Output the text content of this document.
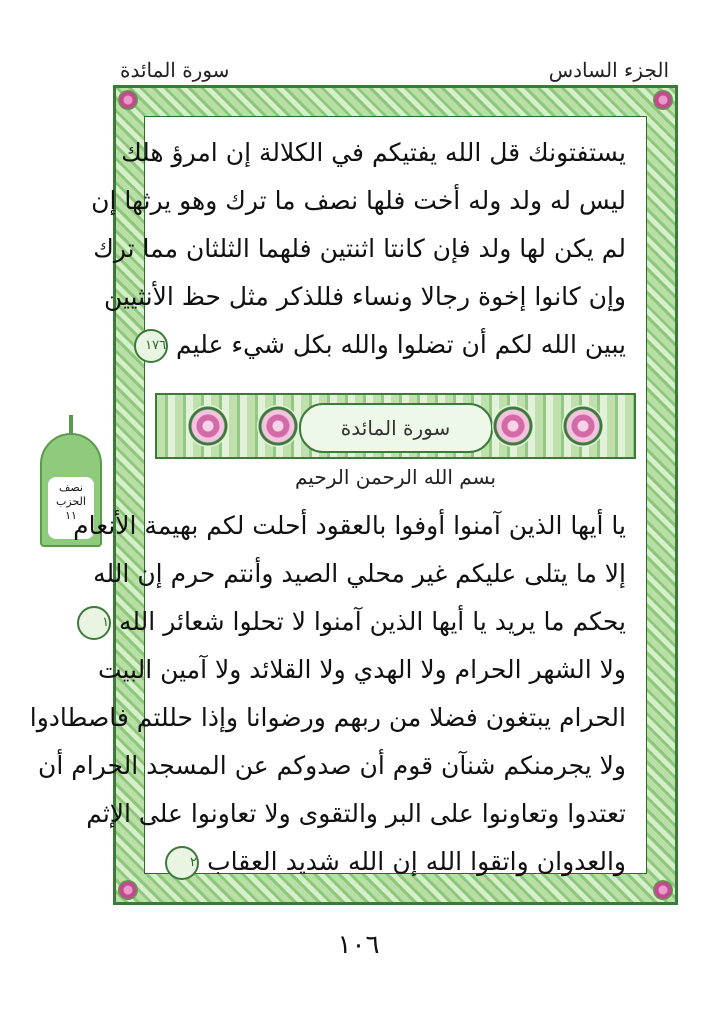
الجزء السادس
سورة المائدة
نصف
الحزب
١١
يستفتونك قل الله يفتيكم في الكلالة إن امرؤ هلك
ليس له ولد وله أخت فلها نصف ما ترك وهو يرثها إن
لم يكن لها ولد فإن كانتا اثنتين فلهما الثلثان مما ترك
وإن كانوا إخوة رجالا ونساء فللذكر مثل حظ الأنثيين
يبين الله لكم أن تضلوا والله بكل شيء عليم ١٧٦
سورة المائدة
بسم الله الرحمن الرحيم
يا أيها الذين آمنوا أوفوا بالعقود أحلت لكم بهيمة الأنعام
إلا ما يتلى عليكم غير محلي الصيد وأنتم حرم إن الله
يحكم ما يريد يا أيها الذين آمنوا لا تحلوا شعائر الله ١
ولا الشهر الحرام ولا الهدي ولا القلائد ولا آمين البيت
الحرام يبتغون فضلا من ربهم ورضوانا وإذا حللتم فاصطادوا
ولا يجرمنكم شنآن قوم أن صدوكم عن المسجد الحرام أن
تعتدوا وتعاونوا على البر والتقوى ولا تعاونوا على الإثم
والعدوان واتقوا الله إن الله شديد العقاب ٢
١٠٦
